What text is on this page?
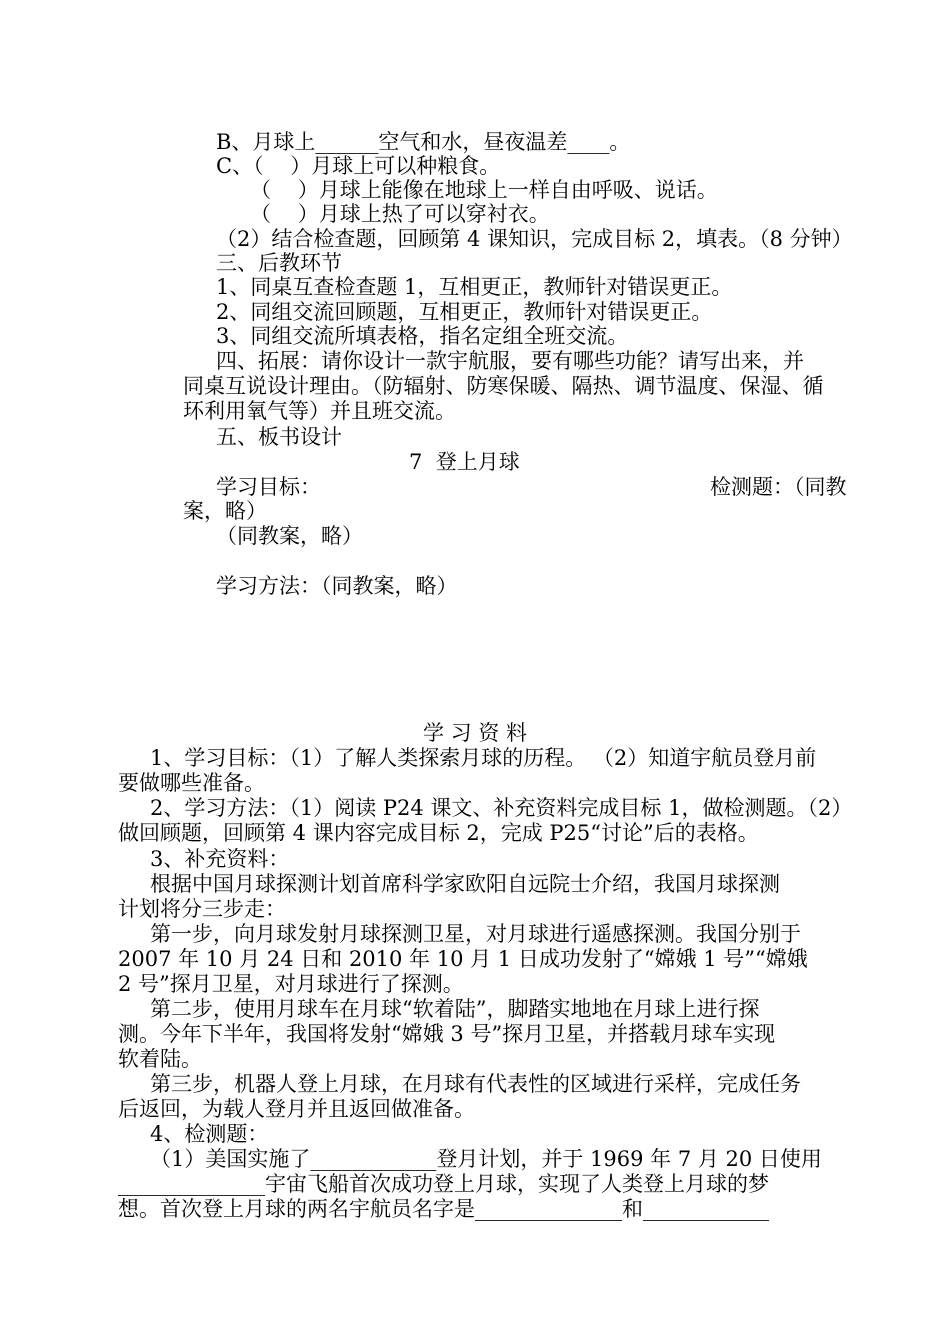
B、月球上______空气和水，昼夜温差____。
C、（    ）月球上可以种粮食。
（    ）月球上能像在地球上一样自由呼吸、说话。
（    ）月球上热了可以穿衬衣。
（2）结合检查题，回顾第 4 课知识，完成目标 2，填表。（8 分钟）
三、后教环节
1、同桌互查检查题 1，互相更正，教师针对错误更正。
2、同组交流回顾题，互相更正，教师针对错误更正。
3、同组交流所填表格，指名定组全班交流。
四、拓展：请你设计一款宇航服，要有哪些功能？请写出来，并
同桌互说设计理由。（防辐射、防寒保暖、隔热、调节温度、保湿、循
环利用氧气等）并且班交流。
五、板书设计
7  登上月球
学习目标：	检测题：（同教
案，略）
（同教案，略）
学习方法：（同教案，略）
学 习 资 料
1、学习目标：（1）了解人类探索月球的历程。 （2）知道宇航员登月前
要做哪些准备。
2、学习方法：（1）阅读 P24 课文、补充资料完成目标 1，做检测题。（2）
做回顾题，回顾第 4 课内容完成目标 2，完成 P25“讨论”后的表格。
3、补充资料：
根据中国月球探测计划首席科学家欧阳自远院士介绍，我国月球探测
计划将分三步走：
第一步，向月球发射月球探测卫星，对月球进行遥感探测。我国分别于
2007 年 10 月 24 日和 2010 年 10 月 1 日成功发射了“嫦娥 1 号”“嫦娥
2 号”探月卫星，对月球进行了探测。
第二步，使用月球车在月球“软着陆”，脚踏实地地在月球上进行探
测。今年下半年，我国将发射“嫦娥 3 号”探月卫星，并搭载月球车实现
软着陆。
第三步，机器人登上月球，在月球有代表性的区域进行采样，完成任务
后返回，为载人登月并且返回做准备。
4、检测题：
（1）美国实施了____________登月计划，并于 1969 年 7 月 20 日使用
______________宇宙飞船首次成功登上月球，实现了人类登上月球的梦
想。首次登上月球的两名宇航员名字是______________和____________
